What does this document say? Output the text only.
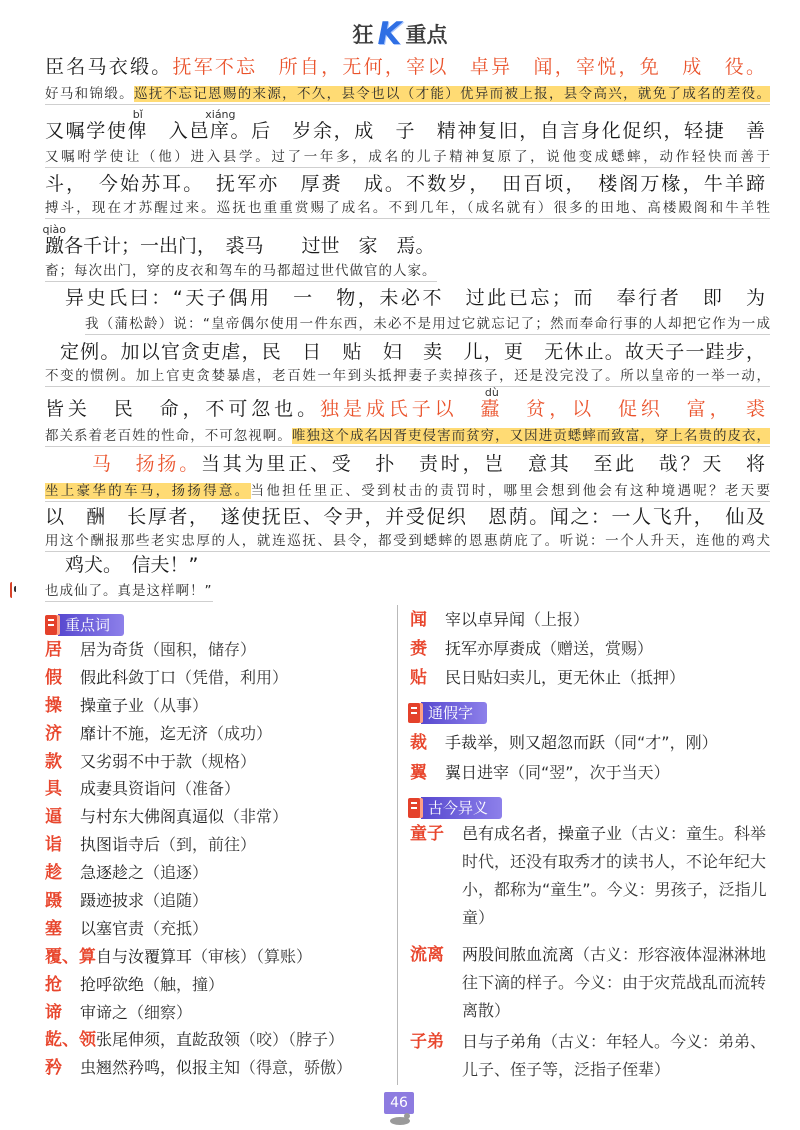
狂 K 重点
臣名马衣缎。抚军不忘　所自，无何，宰以　卓异　闻，宰悦，免　成　役。
好马和锦缎。巡抚不忘记恩赐的来源，不久，县令也以（才能）优异而被上报，县令高兴，就免了成名的差役。
又嘱学使俾　入邑庠。后　岁余，成　子　精神复旧，自言身化促织，轻捷　善
又嘱咐学使让（他）进入县学。过了一年多，成名的儿子精神复原了，说他变成蟋蟀，动作轻快而善于
斗，　今始苏耳。　抚军亦　厚赉　成。不数岁，　田百顷，　楼阁万椽，牛羊蹄
搏斗，现在才苏醒过来。巡抚也重重赏赐了成名。不到几年，（成名就有）很多的田地、高楼殿阁和牛羊牲
躈各千计；一出门，　裘马　　过世　家　焉。
畜；每次出门，穿的皮衣和驾车的马都超过世代做官的人家。
异史氏曰：“天子偶用　一　物，未必不　过此已忘；而　奉行者　即　为
我（蒲松龄）说：“皇帝偶尔使用一件东西，未必不是用过它就忘记了；然而奉命行事的人却把它作为一成
定例。加以官贪吏虐，民　日　贴　妇　卖　儿，更　无休止。故天子一跬步，
不变的惯例。加上官吏贪婪暴虐，老百姓一年到头抵押妻子卖掉孩子，还是没完没了。所以皇帝的一举一动，
皆关　民　命，不可忽也。独是成氏子以　蠹　贫，以　促织　富，　裘
都关系着老百姓的性命，不可忽视啊。唯独这个成名因胥吏侵害而贫穷，又因进贡蟋蟀而致富，穿上名贵的皮衣，
马　扬扬。当其为里正、受　扑　责时，岂　意其　至此　哉？天　将
坐上豪华的车马，扬扬得意。当他担任里正、受到杖击的责罚时，哪里会想到他会有这种境遇呢？老天要
以　酬　长厚者，　遂使抚臣、令尹，并受促织　恩荫。闻之：一人飞升，　仙及
用这个酬报那些老实忠厚的人，就连巡抚、县令，都受到蟋蟀的恩惠荫庇了。听说：一个人升天，连他的鸡犬
鸡犬。　信夫！”
也成仙了。真是这样啊！”
bǐ	xiáng
qiào
dù
重点词
居 居为奇货（囤积，储存）
假 假此科敛丁口（凭借，利用）
操 操童子业（从事）
济 靡计不施，迄无济（成功）
款 又劣弱不中于款（规格）
具 成妻具资诣问（准备）
逼 与村东大佛阁真逼似（非常）
诣 执图诣寺后（到，前往）
趁 急逐趁之（追逐）
蹑 蹑迹披求（追随）
塞 以塞官责（充抵）
覆、算自与汝覆算耳（审核）（算账）
抢 抢呼欲绝（触，撞）
谛 审谛之（细察）
龁、领张尾伸须，直龁敌领（咬）（脖子）
矜 虫翘然矜鸣，似报主知（得意，骄傲）
闻 宰以卓异闻（上报）
赉 抚军亦厚赉成（赠送，赏赐）
贴 民日贴妇卖儿，更无休止（抵押）
通假字
裁 手裁举，则又超忽而跃（同“才”，刚）
翼 翼日进宰（同“翌”，次于当天）
古今异义
童子	邑有成名者，操童子业（古义：童生。科举时代，还没有取秀才的读书人，不论年纪大小，都称为“童生”。今义：男孩子，泛指儿童）
流离	两股间脓血流离（古义：形容液体湿淋淋地往下滴的样子。今义：由于灾荒战乱而流转离散）
子弟	日与子弟角（古义：年轻人。今义：弟弟、儿子、侄子等，泛指子侄辈）
46
